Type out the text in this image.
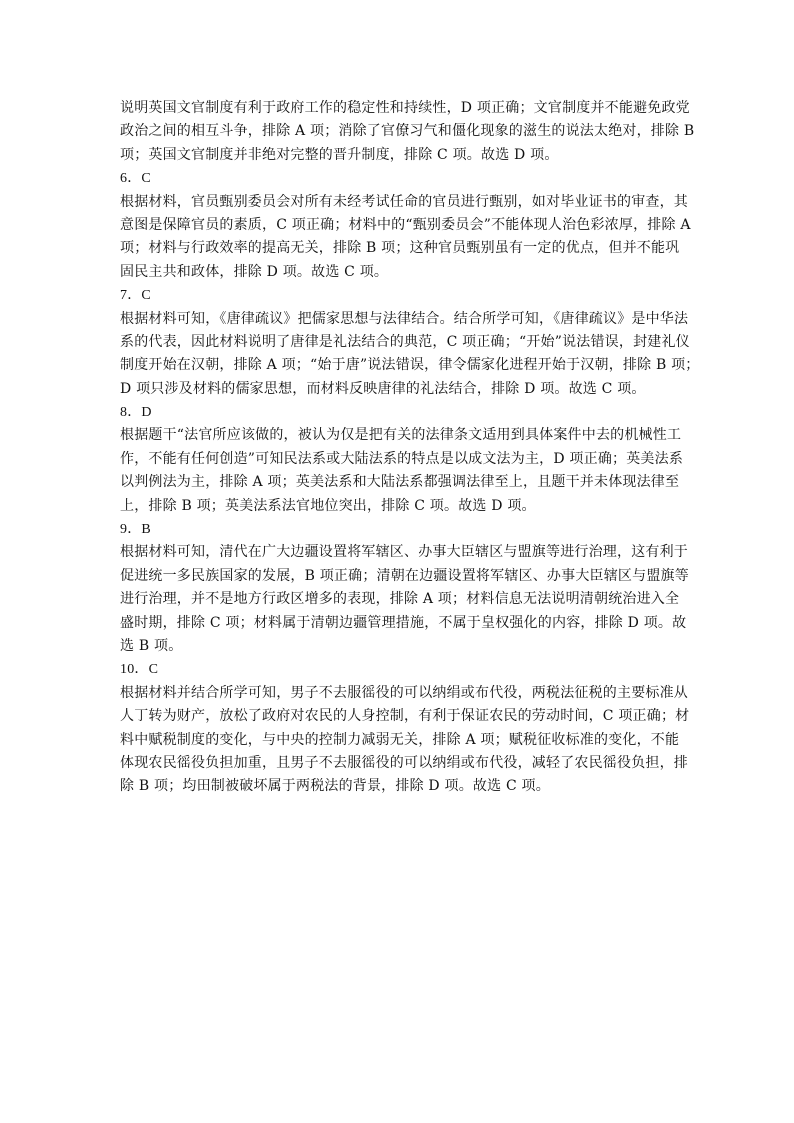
说明英国文官制度有利于政府工作的稳定性和持续性，D 项正确；文官制度并不能避免政党
政治之间的相互斗争，排除 A 项；消除了官僚习气和僵化现象的滋生的说法太绝对，排除 B
项；英国文官制度并非绝对完整的晋升制度，排除 C 项。故选 D 项。
6．C
根据材料，官员甄别委员会对所有未经考试任命的官员进行甄别，如对毕业证书的审查，其
意图是保障官员的素质，C 项正确；材料中的“甄别委员会”不能体现人治色彩浓厚，排除 A
项；材料与行政效率的提高无关，排除 B 项；这种官员甄别虽有一定的优点，但并不能巩
固民主共和政体，排除 D 项。故选 C 项。
7．C
根据材料可知，《唐律疏议》把儒家思想与法律结合。结合所学可知，《唐律疏议》是中华法
系的代表，因此材料说明了唐律是礼法结合的典范，C 项正确；“开始”说法错误，封建礼仪
制度开始在汉朝，排除 A 项；“始于唐”说法错误，律令儒家化进程开始于汉朝，排除 B 项；
D 项只涉及材料的儒家思想，而材料反映唐律的礼法结合，排除 D 项。故选 C 项。
8．D
根据题干“法官所应该做的，被认为仅是把有关的法律条文适用到具体案件中去的机械性工
作，不能有任何创造”可知民法系或大陆法系的特点是以成文法为主，D 项正确；英美法系
以判例法为主，排除 A 项；英美法系和大陆法系都强调法律至上，且题干并未体现法律至
上，排除 B 项；英美法系法官地位突出，排除 C 项。故选 D 项。
9．B
根据材料可知，清代在广大边疆设置将军辖区、办事大臣辖区与盟旗等进行治理，这有利于
促进统一多民族国家的发展，B 项正确；清朝在边疆设置将军辖区、办事大臣辖区与盟旗等
进行治理，并不是地方行政区增多的表现，排除 A 项；材料信息无法说明清朝统治进入全
盛时期，排除 C 项；材料属于清朝边疆管理措施，不属于皇权强化的内容，排除 D 项。故
选 B 项。
10．C
根据材料并结合所学可知，男子不去服徭役的可以纳绢或布代役，两税法征税的主要标准从
人丁转为财产，放松了政府对农民的人身控制，有利于保证农民的劳动时间，C 项正确；材
料中赋税制度的变化，与中央的控制力减弱无关，排除 A 项；赋税征收标准的变化，不能
体现农民徭役负担加重，且男子不去服徭役的可以纳绢或布代役，减轻了农民徭役负担，排
除 B 项；均田制被破坏属于两税法的背景，排除 D 项。故选 C 项。
